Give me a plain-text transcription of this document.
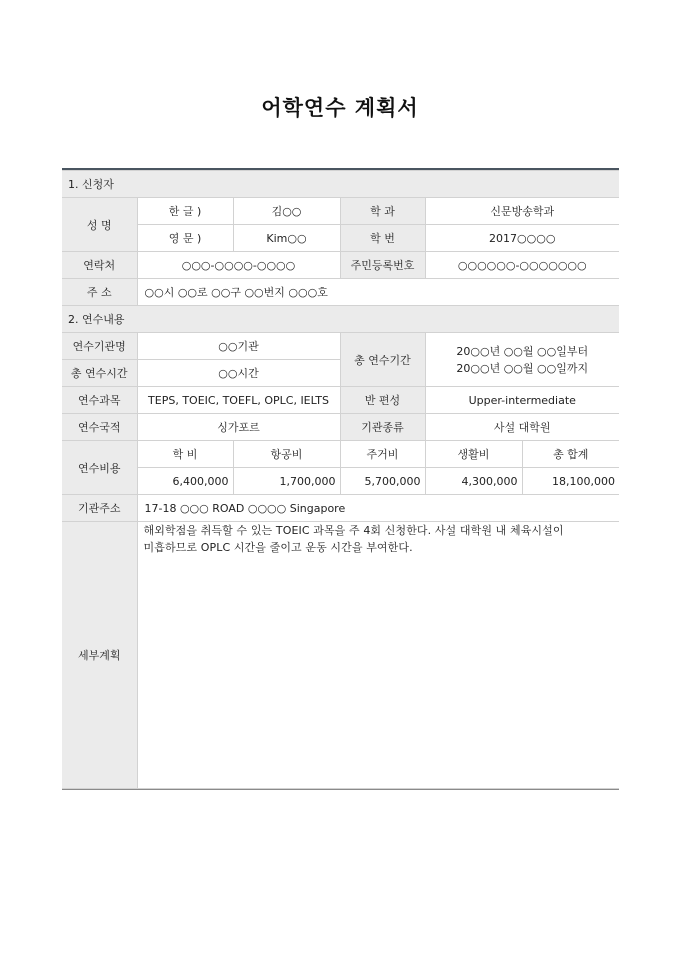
어학연수 계획서
1. 신청자					
성 명	한 글 )	김○○	학 과	신문방송학과	
	영 문 )	Kim○○	학 번	2017○○○○	
연락처	○○○-○○○○-○○○○		주민등록번호	○○○○○○-○○○○○○○	
주 소	○○시 ○○로 ○○구 ○○번지 ○○○호				
2. 연수내용					
연수기관명	○○기관		총 연수기간	20○○년 ○○월 ○○일부터
20○○년 ○○월 ○○일까지	

총 연수시간	○○시간				
연수과목	TEPS, TOEIC, TOEFL, OPLC, IELTS		반 편성	Upper-intermediate	
연수국적	싱가포르		기관종류	사설 대학원	
연수비용	학 비	항공비	주거비	생활비	총 합계
	6,400,000	1,700,000	5,700,000	4,300,000	18,100,000
기관주소	17-18 ○○○ ROAD ○○○○ Singapore				
세부계획	해외학점을 취득할 수 있는 TOEIC 과목을 주 4회 신청한다. 사설 대학원 내 체육시설이
미흡하므로 OPLC 시간을 줄이고 운동 시간을 부여한다.				
